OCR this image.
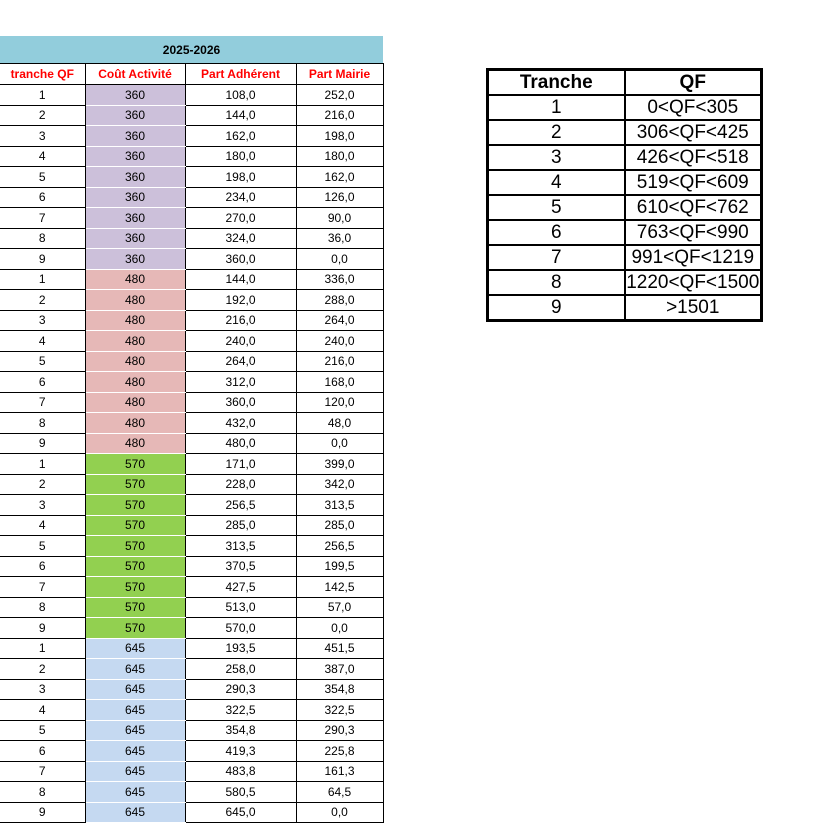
2025-2026			
tranche QF	Coût Activité	Part Adhérent	Part Mairie
1	360	108,0	252,0
2	360	144,0	216,0
3	360	162,0	198,0
4	360	180,0	180,0
5	360	198,0	162,0
6	360	234,0	126,0
7	360	270,0	90,0
8	360	324,0	36,0
9	360	360,0	0,0
1	480	144,0	336,0
2	480	192,0	288,0
3	480	216,0	264,0
4	480	240,0	240,0
5	480	264,0	216,0
6	480	312,0	168,0
7	480	360,0	120,0
8	480	432,0	48,0
9	480	480,0	0,0
1	570	171,0	399,0
2	570	228,0	342,0
3	570	256,5	313,5
4	570	285,0	285,0
5	570	313,5	256,5
6	570	370,5	199,5
7	570	427,5	142,5
8	570	513,0	57,0
9	570	570,0	0,0
1	645	193,5	451,5
2	645	258,0	387,0
3	645	290,3	354,8
4	645	322,5	322,5
5	645	354,8	290,3
6	645	419,3	225,8
7	645	483,8	161,3
8	645	580,5	64,5
9	645	645,0	0,0
Tranche	QF
1	0<QF<305
2	306<QF<425
3	426<QF<518
4	519<QF<609
5	610<QF<762
6	763<QF<990
7	991<QF<1219
8	1220<QF<1500
9	>1501
